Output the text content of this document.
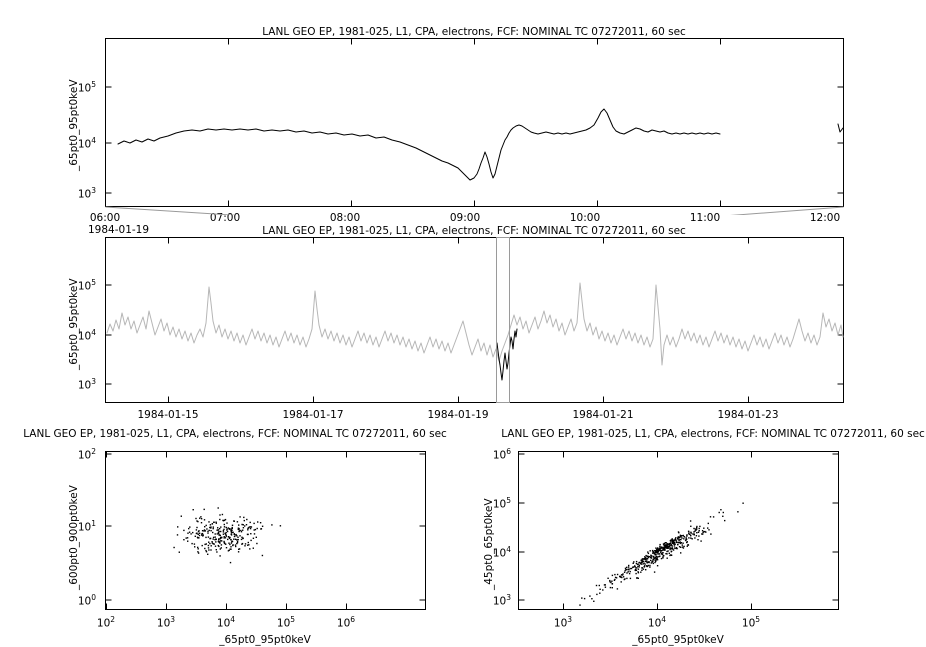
LANL GEO EP, 1981-025, L1, CPA, electrons, FCF: NOMINAL TC 07272011, 60 sec
_65pt0_95pt0keV
$10^5$
$10^4$
$10^3$
06:00	07:00	08:00	09:00	10:00	11:00	12:00
1984-01-19	LANL GEO EP, 1981-025, L1, CPA, electrons, FCF: NOMINAL TC 07272011, 60 sec
_65pt0_95pt0keV
$10^5$
$10^4$
$10^3$
1984-01-15	1984-01-17	1984-01-19	1984-01-21	1984-01-23
LANL GEO EP, 1981-025, L1, CPA, electrons, FCF: NOMINAL TC 07272011, 60 sec
_600pt0_900pt0keV
_65pt0_95pt0keV
$10^2$
$10^1$
$10^0$
$10^2$	$10^3$	$10^4$	$10^5$	$10^6$
LANL GEO EP, 1981-025, L1, CPA, electrons, FCF: NOMINAL TC 07272011, 60 sec
_45pt0_65pt0keV
_65pt0_95pt0keV
$10^6$
$10^5$
$10^4$
$10^3$
$10^3$	$10^4$	$10^5$
